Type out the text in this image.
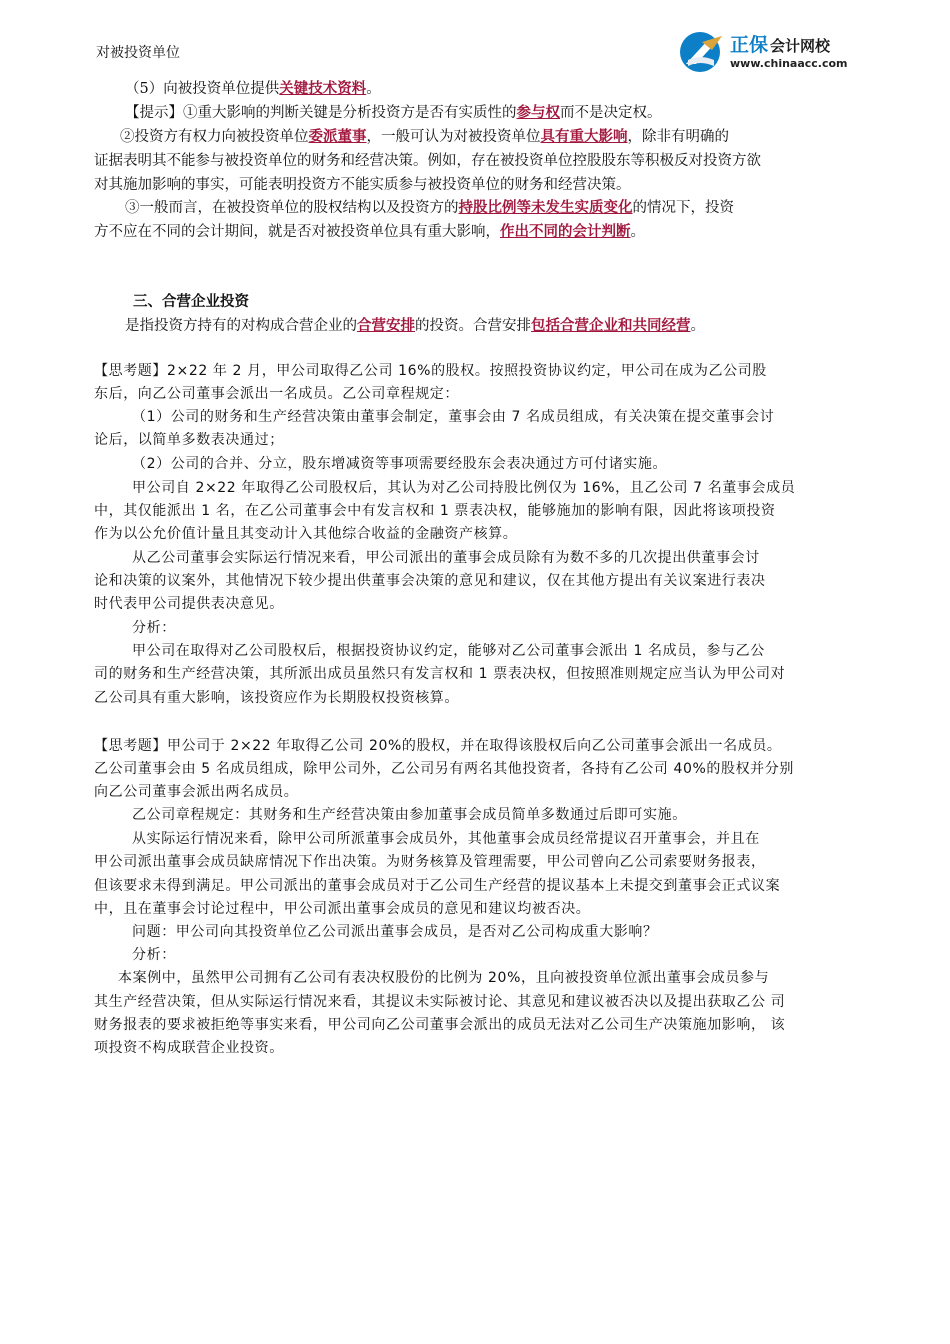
正保 会计网校
www.chinaacc.com
对被投资单位
（5）向被投资单位提供关键技术资料。
【提示】①重大影响的判断关键是分析投资方是否有实质性的参与权而不是决定权。
②投资方有权力向被投资单位委派董事，一般可认为对被投资单位具有重大影响，除非有明确的
证据表明其不能参与被投资单位的财务和经营决策。例如，存在被投资单位控股股东等积极反对投资方欲
对其施加影响的事实，可能表明投资方不能实质参与被投资单位的财务和经营决策。
③一般而言，在被投资单位的股权结构以及投资方的持股比例等未发生实质变化的情况下，投资
方不应在不同的会计期间，就是否对被投资单位具有重大影响，作出不同的会计判断。
三、合营企业投资
是指投资方持有的对构成合营企业的合营安排的投资。合营安排包括合营企业和共同经营。
【思考题】2×22 年 2 月，甲公司取得乙公司 16%的股权。按照投资协议约定，甲公司在成为乙公司股
东后，向乙公司董事会派出一名成员。乙公司章程规定：
（1）公司的财务和生产经营决策由董事会制定，董事会由 7 名成员组成，有关决策在提交董事会讨
论后，以简单多数表决通过；
（2）公司的合并、分立，股东增减资等事项需要经股东会表决通过方可付诸实施。
甲公司自 2×22 年取得乙公司股权后，其认为对乙公司持股比例仅为 16%，且乙公司 7 名董事会成员
中，其仅能派出 1 名，在乙公司董事会中有发言权和 1 票表决权，能够施加的影响有限，因此将该项投资
作为以公允价值计量且其变动计入其他综合收益的金融资产核算。
从乙公司董事会实际运行情况来看，甲公司派出的董事会成员除有为数不多的几次提出供董事会讨
论和决策的议案外，其他情况下较少提出供董事会决策的意见和建议，仅在其他方提出有关议案进行表决
时代表甲公司提供表决意见。
分析：
甲公司在取得对乙公司股权后，根据投资协议约定，能够对乙公司董事会派出 1 名成员，参与乙公
司的财务和生产经营决策，其所派出成员虽然只有发言权和 1 票表决权，但按照准则规定应当认为甲公司对
乙公司具有重大影响，该投资应作为长期股权投资核算。
【思考题】甲公司于 2×22 年取得乙公司 20%的股权，并在取得该股权后向乙公司董事会派出一名成员。
乙公司董事会由 5 名成员组成，除甲公司外，乙公司另有两名其他投资者，各持有乙公司 40%的股权并分别
向乙公司董事会派出两名成员。
乙公司章程规定：其财务和生产经营决策由参加董事会成员简单多数通过后即可实施。
从实际运行情况来看，除甲公司所派董事会成员外，其他董事会成员经常提议召开董事会，并且在
甲公司派出董事会成员缺席情况下作出决策。为财务核算及管理需要，甲公司曾向乙公司索要财务报表，
但该要求未得到满足。甲公司派出的董事会成员对于乙公司生产经营的提议基本上未提交到董事会正式议案
中，且在董事会讨论过程中，甲公司派出董事会成员的意见和建议均被否决。
问题：甲公司向其投资单位乙公司派出董事会成员，是否对乙公司构成重大影响？
分析：
本案例中，虽然甲公司拥有乙公司有表决权股份的比例为 20%，且向被投资单位派出董事会成员参与
其生产经营决策，但从实际运行情况来看，其提议未实际被讨论、其意见和建议被否决以及提出获取乙公 司
财务报表的要求被拒绝等事实来看，甲公司向乙公司董事会派出的成员无法对乙公司生产决策施加影响， 该
项投资不构成联营企业投资。
